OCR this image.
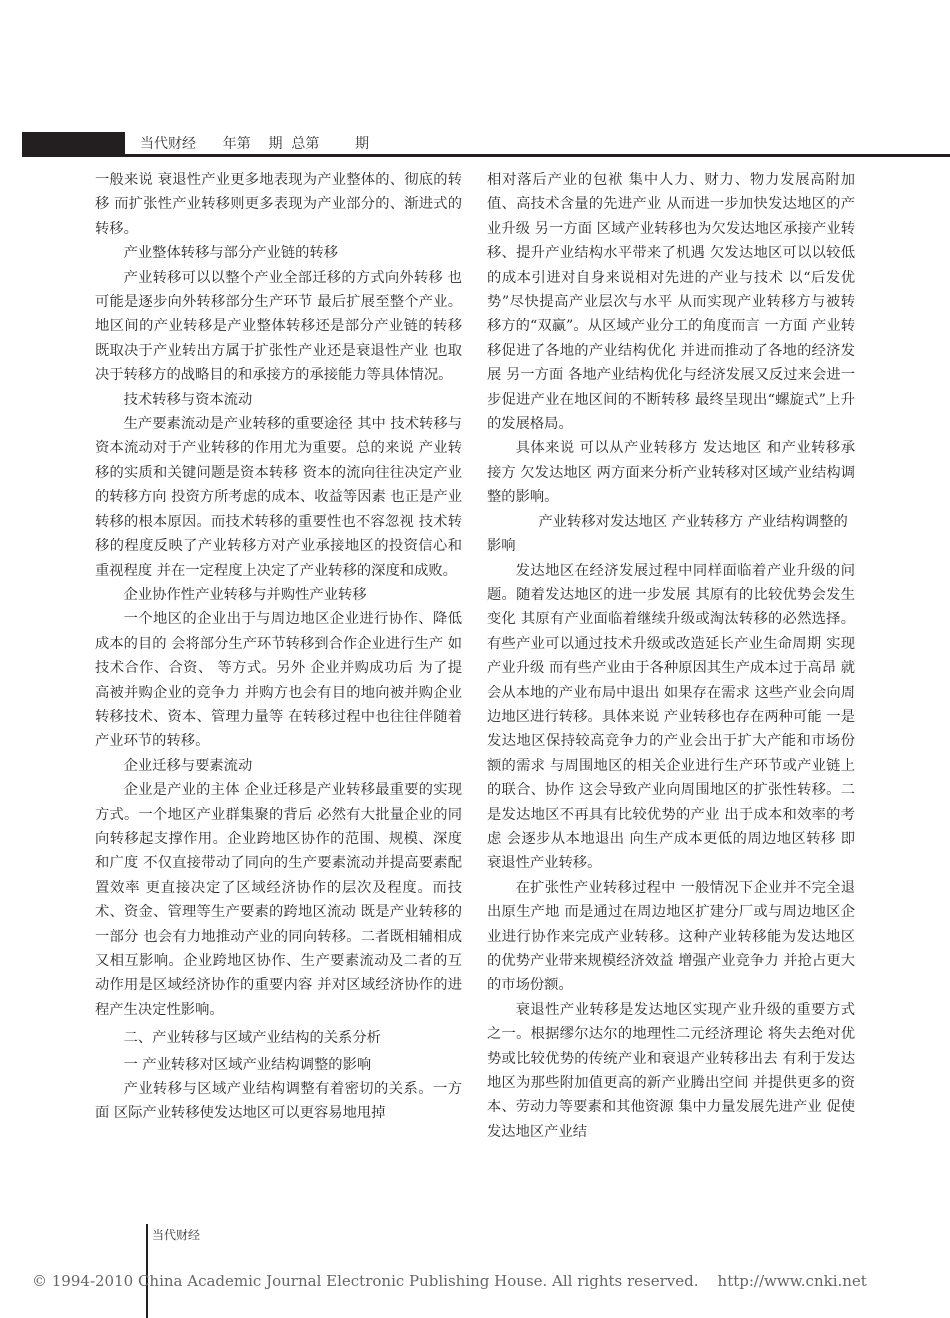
当代财经      年第    期  总第        期

一般来说 衰退性产业更多地表现为产业整体的、彻底的转移 而扩张性产业转移则更多表现为产业部分的、渐进式的转移。

产业整体转移与部分产业链的转移

产业转移可以以整个产业全部迁移的方式向外转移 也可能是逐步向外转移部分生产环节 最后扩展至整个产业。地区间的产业转移是产业整体转移还是部分产业链的转移 既取决于产业转出方属于扩张性产业还是衰退性产业 也取决于转移方的战略目的和承接方的承接能力等具体情况。

技术转移与资本流动

生产要素流动是产业转移的重要途径 其中 技术转移与资本流动对于产业转移的作用尤为重要。总的来说 产业转移的实质和关键问题是资本转移 资本的流向往往决定产业的转移方向 投资方所考虑的成本、收益等因素 也正是产业转移的根本原因。而技术转移的重要性也不容忽视 技术转移的程度反映了产业转移方对产业承接地区的投资信心和重视程度 并在一定程度上决定了产业转移的深度和成败。

企业协作性产业转移与并购性产业转移

一个地区的企业出于与周边地区企业进行协作、降低成本的目的 会将部分生产环节转移到合作企业进行生产 如技术合作、合资、 等方式。另外 企业并购成功后 为了提高被并购企业的竞争力 并购方也会有目的地向被并购企业转移技术、资本、管理力量等 在转移过程中也往往伴随着产业环节的转移。

企业迁移与要素流动

企业是产业的主体 企业迁移是产业转移最重要的实现方式。一个地区产业群集聚的背后 必然有大批量企业的同向转移起支撑作用。企业跨地区协作的范围、规模、深度和广度 不仅直接带动了同向的生产要素流动并提高要素配置效率 更直接决定了区域经济协作的层次及程度。而技术、资金、管理等生产要素的跨地区流动 既是产业转移的一部分 也会有力地推动产业的同向转移。二者既相辅相成 又相互影响。企业跨地区协作、生产要素流动及二者的互动作用是区域经济协作的重要内容 并对区域经济协作的进程产生决定性影响。

二、产业转移与区域产业结构的关系分析
一 产业转移对区域产业结构调整的影响

产业转移与区域产业结构调整有着密切的关系。一方面 区际产业转移使发达地区可以更容易地甩掉

相对落后产业的包袱 集中人力、财力、物力发展高附加值、高技术含量的先进产业 从而进一步加快发达地区的产业升级 另一方面 区域产业转移也为欠发达地区承接产业转移、提升产业结构水平带来了机遇 欠发达地区可以以较低的成本引进对自身来说相对先进的产业与技术 以“后发优势”尽快提高产业层次与水平 从而实现产业转移方与被转移方的“双赢”。从区域产业分工的角度而言 一方面 产业转移促进了各地的产业结构优化 并进而推动了各地的经济发展 另一方面 各地产业结构优化与经济发展又反过来会进一步促进产业在地区间的不断转移 最终呈现出“螺旋式”上升的发展格局。

具体来说 可以从产业转移方 发达地区 和产业转移承接方 欠发达地区 两方面来分析产业转移对区域产业结构调整的影响。

产业转移对发达地区 产业转移方 产业结构调整的影响

发达地区在经济发展过程中同样面临着产业升级的问题。随着发达地区的进一步发展 其原有的比较优势会发生变化 其原有产业面临着继续升级或淘汰转移的必然选择。有些产业可以通过技术升级或改造延长产业生命周期 实现产业升级 而有些产业由于各种原因其生产成本过于高昂 就会从本地的产业布局中退出 如果存在需求 这些产业会向周边地区进行转移。具体来说 产业转移也存在两种可能 一是发达地区保持较高竞争力的产业会出于扩大产能和市场份额的需求 与周围地区的相关企业进行生产环节或产业链上的联合、协作 这会导致产业向周围地区的扩张性转移。二是发达地区不再具有比较优势的产业 出于成本和效率的考虑 会逐步从本地退出 向生产成本更低的周边地区转移 即衰退性产业转移。

在扩张性产业转移过程中 一般情况下企业并不完全退出原生产地 而是通过在周边地区扩建分厂或与周边地区企业进行协作来完成产业转移。这种产业转移能为发达地区的优势产业带来规模经济效益 增强产业竞争力 并抢占更大的市场份额。

衰退性产业转移是发达地区实现产业升级的重要方式之一。根据缪尔达尔的地理性二元经济理论 将失去绝对优势或比较优势的传统产业和衰退产业转移出去 有利于发达地区为那些附加值更高的新产业腾出空间 并提供更多的资本、劳动力等要素和其他资源 集中力量发展先进产业 促使发达地区产业结

当代财经
© 1994-2010 China Academic Journal Electronic Publishing House. All rights reserved.    http://www.cnki.net
